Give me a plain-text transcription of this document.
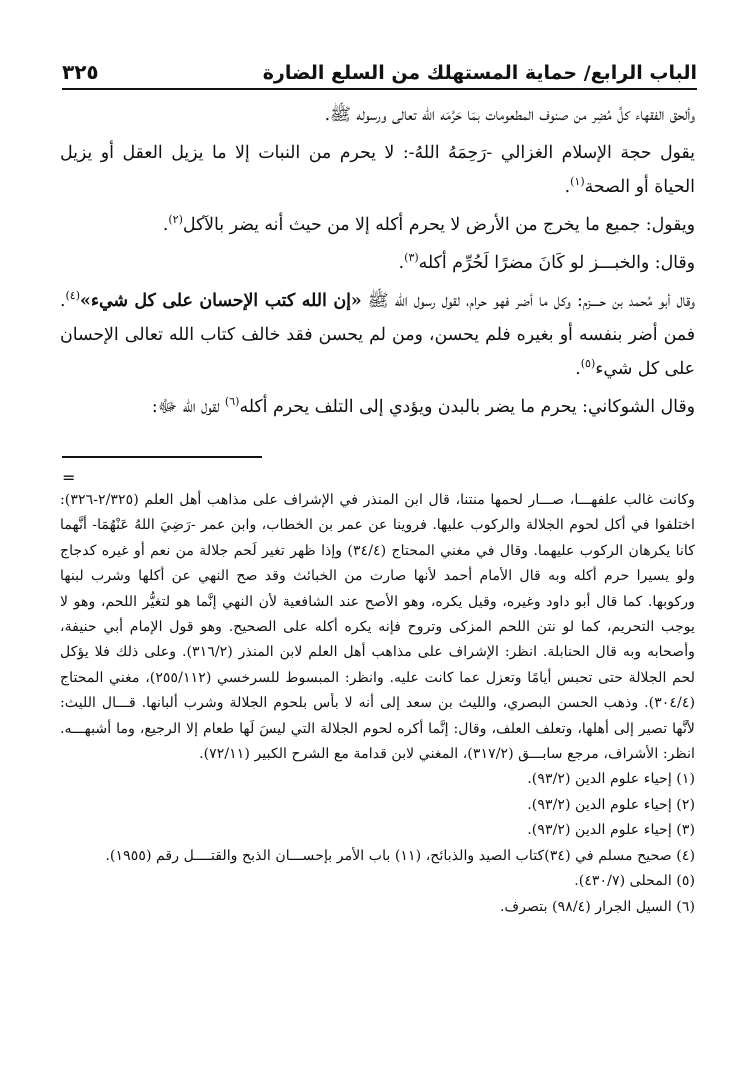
الباب الرابع/ حماية المستهلك من السلع الضارة
٣٢٥

وألحق الفقهاء كلَّ مُضِر من صنوف المطعومات بمَا حَرَّمَه الله تعالى ورسوله ﷺ.

يقول حجة الإسلام الغزالي -رَحِمَهُ اللهُ-: لا يحرم من النبات إلا ما يزيل العقل أو يزيل الحياة أو الصحة$^{(١)}$.

ويقول: جميع ما يخرج من الأرض لا يحرم أكله إلا من حيث أنه يضر بالآكل$^{(٢)}$.

وقال: والخبـــز لو كَانَ مضرًا لَحُرِّم أكله$^{(٣)}$.

وقال أبو مُحمد بن حــــزم: وكل ما أضر فهو حرام، لقول رسول الله ﷺ «إن الله كتب الإحسان على كل شيء»$^{(٤)}$. فمن أضر بنفسه أو بغيره فلم يحسن، ومن لم يحسن فقد خالف كتاب الله تعالى الإحسان على كل شيء$^{(٥)}$.

وقال الشوكاني: يحرم ما يضر بالبدن ويؤدي إلى التلف يحرم أكله$^{(٦)}$ لقول الله ﷻ:

=

وكانت غالب علفهـــا، صـــار لحمها منتنا، قال ابن المنذر في الإشراف على مذاهب أهل العلم (٢/٣٢٥-٣٢٦): اختلفوا في أكل لحوم الجلالة والركوب عليها. فروينا عن عمر بن الخطاب، وابن عمر -رَضِيَ اللهُ عَنْهُمَا- أنَّهما كانا يكرهان الركوب عليهما. وقال في مغني المحتاج (٣٤/٤) وإذا ظهر تغير لَحم جلالة من نعم أو غيره كدجاج ولو يسيرا حرم أكله وبه قال الأمام أحمد لأنها صارت من الخبائث وقد صح النهي عن أكلها وشرب لبنها وركوبها. كما قال أبو داود وغيره، وقيل يكره، وهو الأصح عند الشافعية لأن النهي إنَّما هو لتغيُّر اللحم، وهو لا يوجب التحريم، كما لو نتن اللحم المزكى وتروح فإنه يكره أكله على الصحيح. وهو قول الإمام أبي حنيفة، وأصحابه وبه قال الحنابلة. انظر: الإشراف على مذاهب أهل العلم لابن المنذر (٣١٦/٢). وعلى ذلك فلا يؤكل لحم الجلالة حتى تحبس أيامًا وتعزل عما كانت عليه. وانظر: المبسوط للسرخسي (٢٥٥/١١٢)، مغني المحتاج (٣٠٤/٤). وذهب الحسن البصري، والليث بن سعد إلى أنه لا بأس بلحوم الجلالة وشرب ألبانها. قـــال الليث: لأنَّها تصير إلى أهلها، وتعلف العلف، وقال: إنَّما أكره لحوم الجلالة التي ليسَ لَها طعام إلا الرجيع، وما أشبهـــه. انظر: الأشراف، مرجع سابـــق (٣١٧/٢)، المغني لابن قدامة مع الشرح الكبير (٧٢/١١).

(١) إحياء علوم الدين (٩٣/٢).

(٢) إحياء علوم الدين (٩٣/٢).

(٣) إحياء علوم الدين (٩٣/٢).

(٤) صحيح مسلم في (٣٤)كتاب الصيد والذبائح، (١١) باب الأمر بإحســـان الذبح والقتــــل رقم (١٩٥٥).

(٥) المحلى (٤٣٠/٧).

(٦) السيل الجرار (٩٨/٤) بتصرف.
